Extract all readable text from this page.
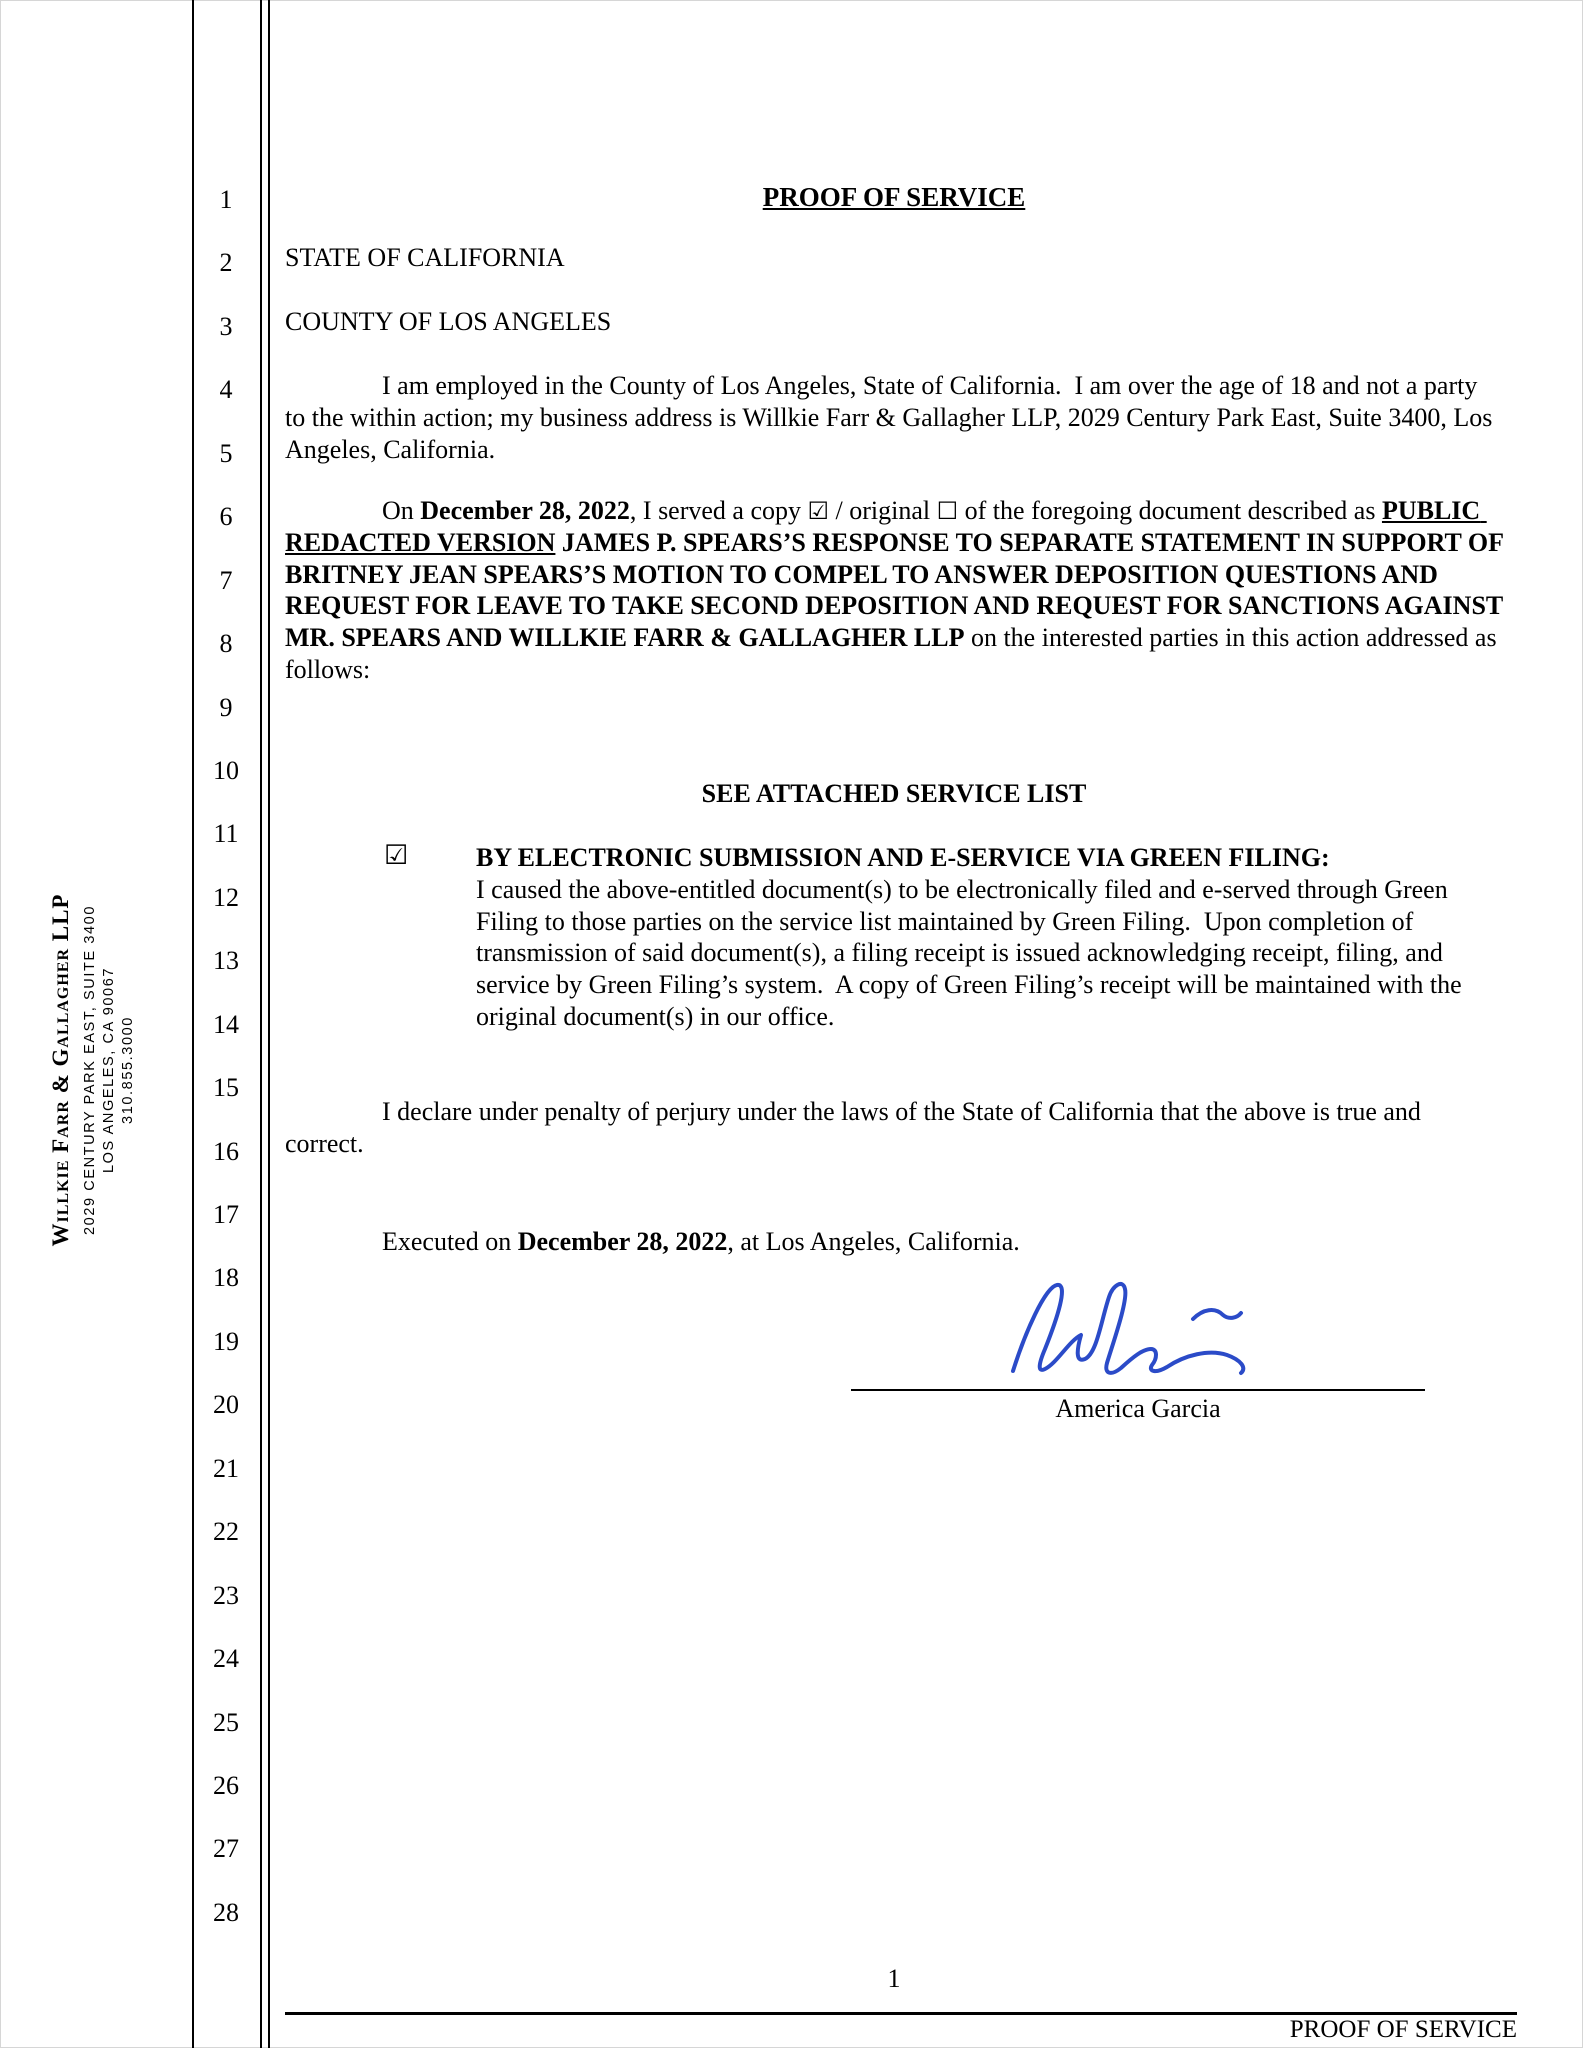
Willkie Farr & Gallagher LLP 2029 CENTURY PARK EAST, SUITE 3400 LOS ANGELES, CA 90067 310.855.3000
1
2
3
4
5
6
7
8
9
10
11
12
13
14
15
16
17
18
19
20
21
22
23
24
25
26
27
28
PROOF OF SERVICE
STATE OF CALIFORNIA
COUNTY OF LOS ANGELES
I am employed in the County of Los Angeles, State of California.  I am over the age of 18 and not a party to the within action; my business address is Willkie Farr & Gallagher LLP, 2029 Century Park East, Suite 3400, Los Angeles, California.
On December 28, 2022, I served a copy ☑ / original ☐ of the foregoing document described as PUBLIC REDACTED VERSION JAMES P. SPEARS’S RESPONSE TO SEPARATE STATEMENT IN SUPPORT OF BRITNEY JEAN SPEARS’S MOTION TO COMPEL TO ANSWER DEPOSITION QUESTIONS AND REQUEST FOR LEAVE TO TAKE SECOND DEPOSITION AND REQUEST FOR SANCTIONS AGAINST MR. SPEARS AND WILLKIE FARR & GALLAGHER LLP on the interested parties in this action addressed as follows:
SEE ATTACHED SERVICE LIST
☑	BY ELECTRONIC SUBMISSION AND E-SERVICE VIA GREEN FILING:
I caused the above-entitled document(s) to be electronically filed and e-served through Green Filing to those parties on the service list maintained by Green Filing.  Upon completion of transmission of said document(s), a filing receipt is issued acknowledging receipt, filing, and service by Green Filing’s system.  A copy of Green Filing’s receipt will be maintained with the original document(s) in our office.
I declare under penalty of perjury under the laws of the State of California that the above is true and correct.
Executed on December 28, 2022, at Los Angeles, California.
America Garcia
1
PROOF OF SERVICE
